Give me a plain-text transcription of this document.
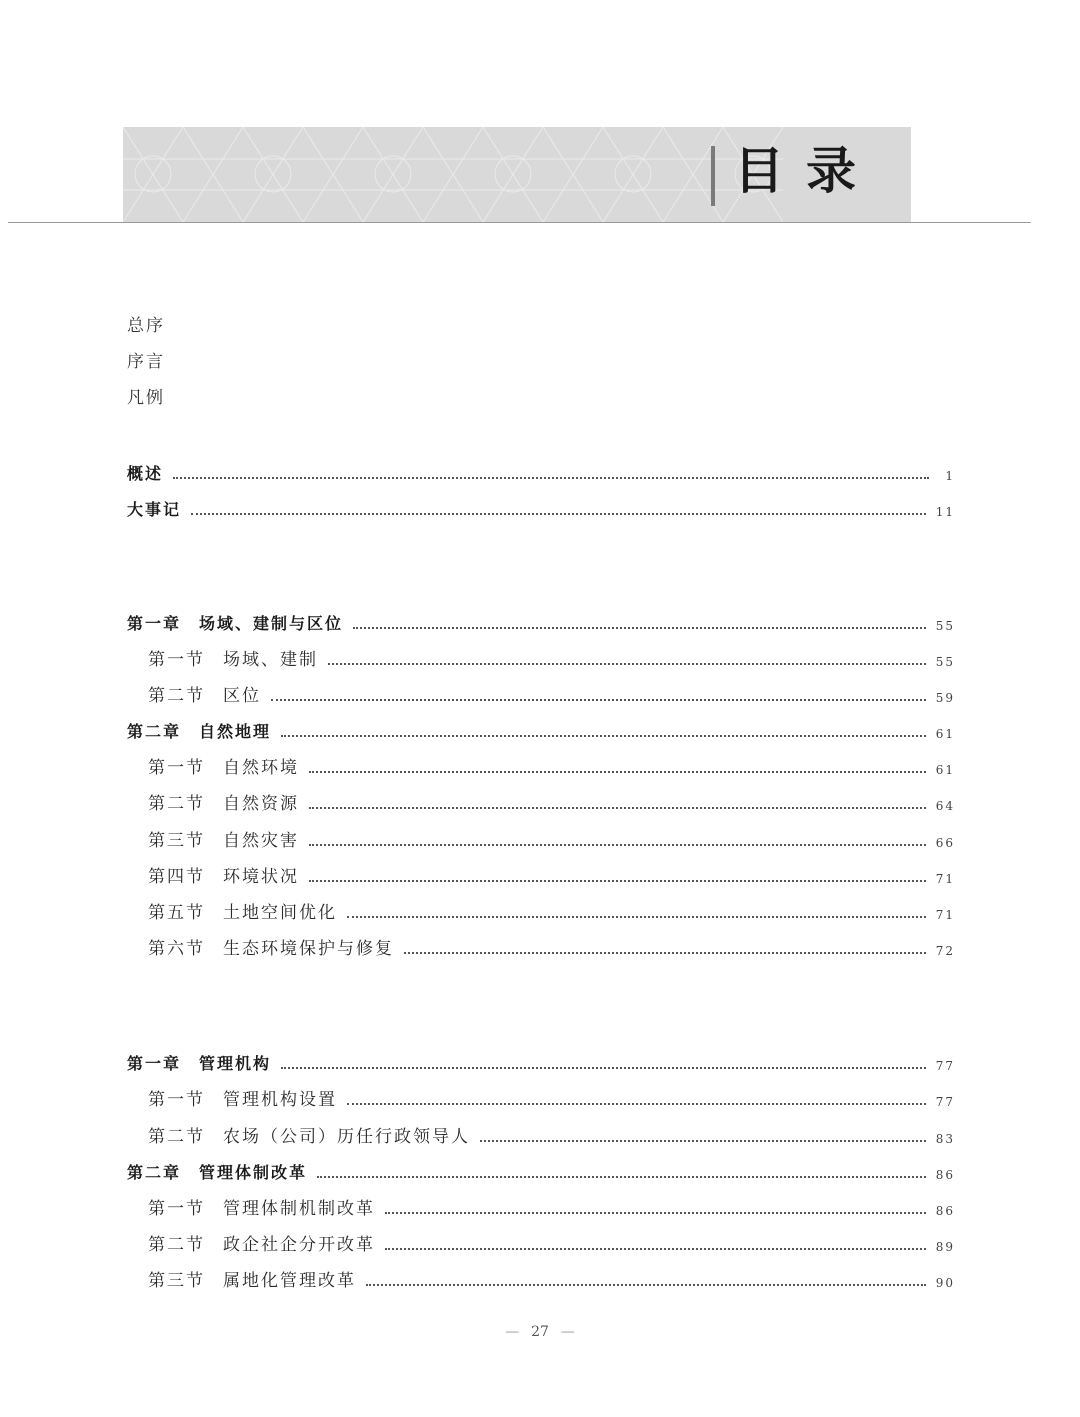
目录
总序
序言
凡例
概述	1
大事记	11
第一章 场域、建制与区位	55
第一节 场域、建制	55
第二节 区位	59
第二章 自然地理	61
第一节 自然环境	61
第二节 自然资源	64
第三节 自然灾害	66
第四节 环境状况	71
第五节 土地空间优化	71
第六节 生态环境保护与修复	72
第一章 管理机构	77
第一节 管理机构设置	77
第二节 农场（公司）历任行政领导人	83
第二章 管理体制改革	86
第一节 管理体制机制改革	86
第二节 政企社企分开改革	89
第三节 属地化管理改革	90
— 27 —
